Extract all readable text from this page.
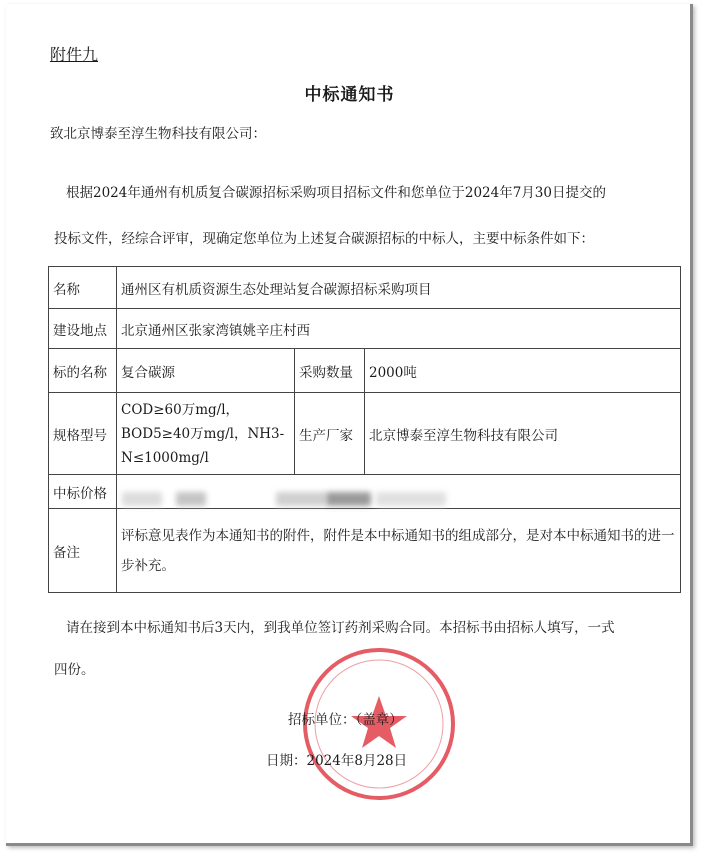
附件九
中标通知书
致北京博泰至淳生物科技有限公司：
根据2024年通州有机质复合碳源招标采购项目招标文件和您单位于2024年7月30日提交的
投标文件，经综合评审，现确定您单位为上述复合碳源招标的中标人，主要中标条件如下：
名称	通州区有机质资源生态处理站复合碳源招标采购项目		
建设地点	北京通州区张家湾镇姚辛庄村西		
标的名称	复合碳源	采购数量	2000吨
规格型号	COD≥60万mg/l，BOD5≥40万mg/l，NH3-N≤1000mg/l	生产厂家	北京博泰至淳生物科技有限公司
中标价格			
备注	评标意见表作为本通知书的附件，附件是本中标通知书的组成部分，是对本中标通知书的进一步补充。		
请在接到本中标通知书后3天内，到我单位签订药剂采购合同。本招标书由招标人填写，一式
四份。
招标单位：（盖章）
日期：2024年8月28日
